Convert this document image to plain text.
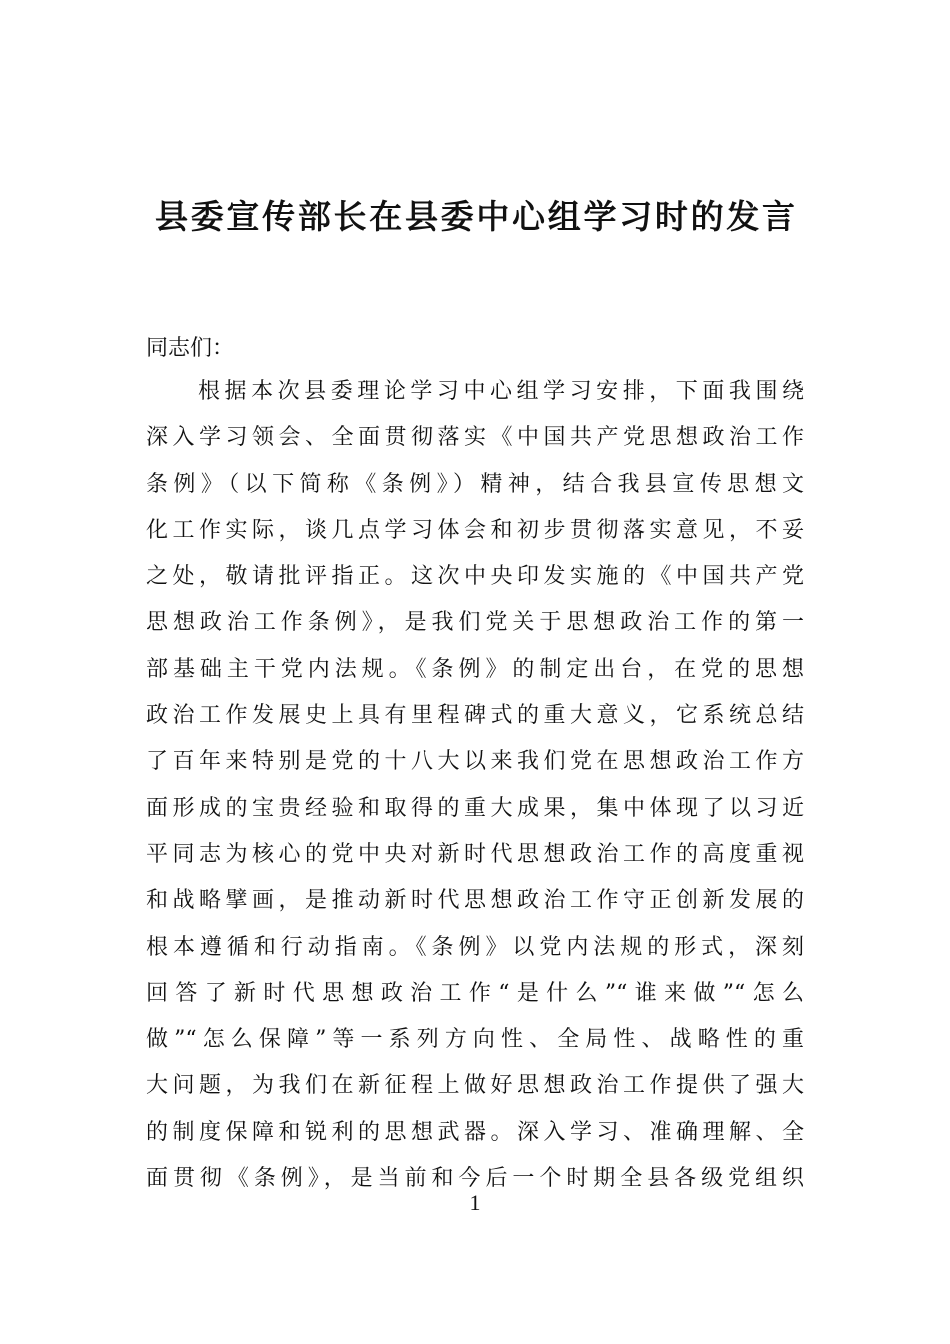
县委宣传部长在县委中心组学习时的发言
同志们：
根据本次县委理论学习中心组学习安排，下面我围绕
深入学习领会、全面贯彻落实《中国共产党思想政治工作
条例》（以下简称《条例》）精神，结合我县宣传思想文
化工作实际，谈几点学习体会和初步贯彻落实意见，不妥
之处，敬请批评指正。这次中央印发实施的《中国共产党
思想政治工作条例》，是我们党关于思想政治工作的第一
部基础主干党内法规。《条例》的制定出台，在党的思想
政治工作发展史上具有里程碑式的重大意义，它系统总结
了百年来特别是党的十八大以来我们党在思想政治工作方
面形成的宝贵经验和取得的重大成果，集中体现了以习近
平同志为核心的党中央对新时代思想政治工作的高度重视
和战略擘画，是推动新时代思想政治工作守正创新发展的
根本遵循和行动指南。《条例》以党内法规的形式，深刻
回答了新时代思想政治工作“是什么”“谁来做”“怎么
做”“怎么保障”等一系列方向性、全局性、战略性的重
大问题，为我们在新征程上做好思想政治工作提供了强大
的制度保障和锐利的思想武器。深入学习、准确理解、全
面贯彻《条例》，是当前和今后一个时期全县各级党组织
1
